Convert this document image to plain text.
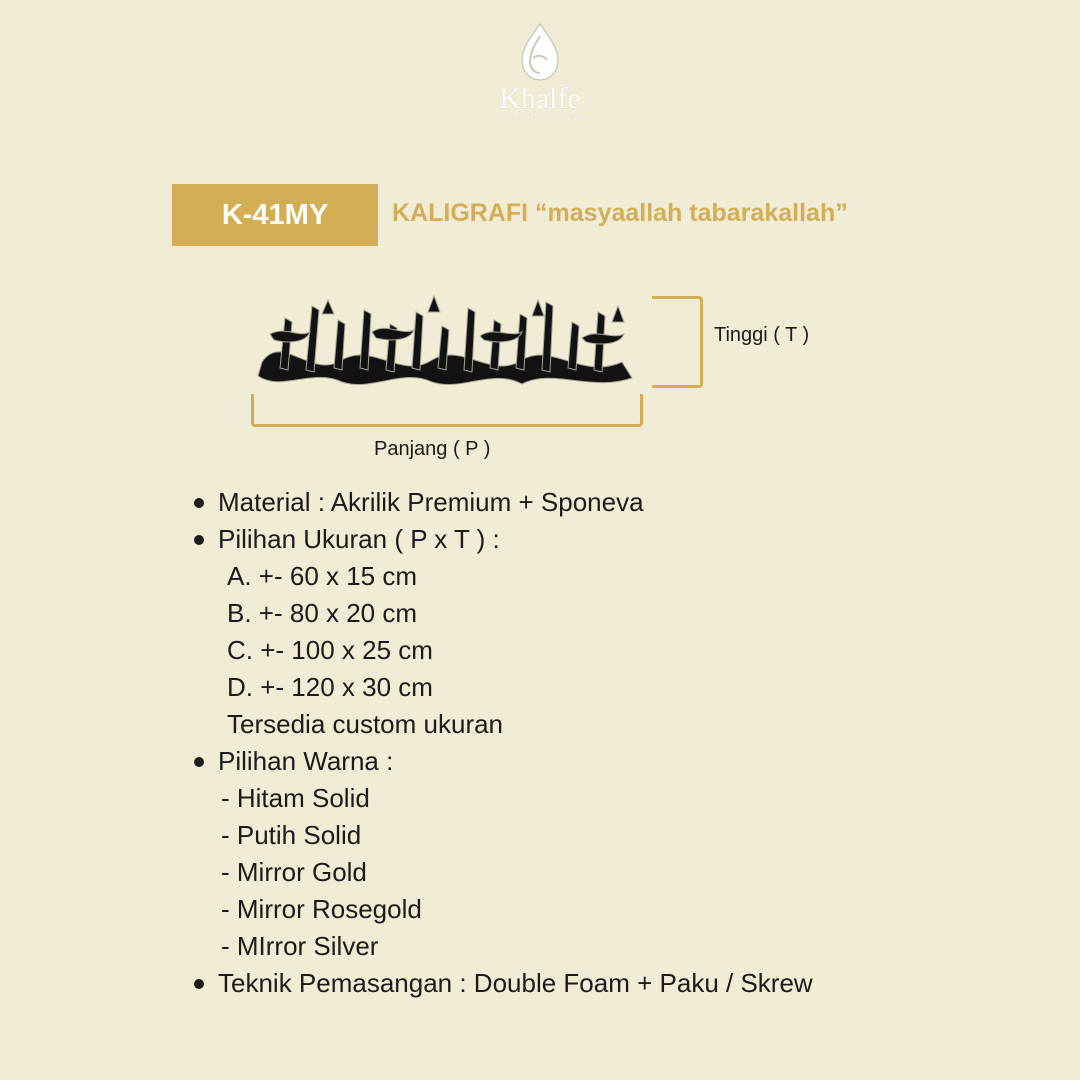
Khalfe
ISLAMIC HOME & LIVING
K-41MY	KALIGRAFI “masyaallah tabarakallah”
Panjang ( P )
Tinggi ( T )
Material : Akrilik Premium + Sponeva
Pilihan Ukuran ( P x T ) :
A. +- 60 x 15 cm
B. +- 80 x 20 cm
C. +- 100 x 25 cm
D. +- 120 x 30 cm
Tersedia custom ukuran
Pilihan Warna :
- Hitam Solid
- Putih Solid
- Mirror Gold
- Mirror Rosegold
- MIrror Silver
Teknik Pemasangan : Double Foam + Paku / Skrew
